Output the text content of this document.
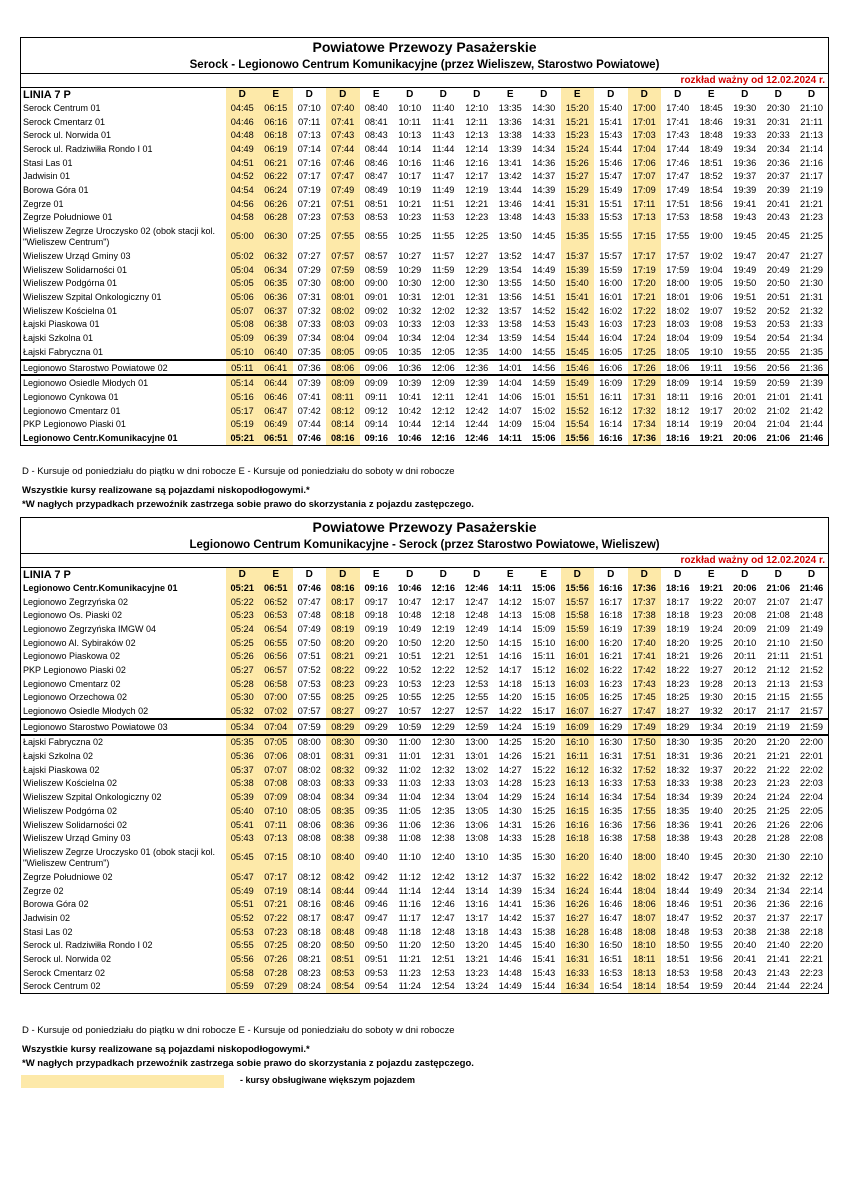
Powiatowe Przewozy Pasażerskie																		
Serock - Legionowo Centrum Komunikacyjne (przez Wieliszew, Starostwo Powiatowe)																		
rozkład ważny od 12.02.2024 r.																		
LINIA 7 P	D	E	D	D	E	D	D	D	E	D	E	D	D	D	E	D	D	D
Serock Centrum 01	04:45	06:15	07:10	07:40	08:40	10:10	11:40	12:10	13:35	14:30	15:20	15:40	17:00	17:40	18:45	19:30	20:30	21:10
Serock Cmentarz 01	04:46	06:16	07:11	07:41	08:41	10:11	11:41	12:11	13:36	14:31	15:21	15:41	17:01	17:41	18:46	19:31	20:31	21:11
Serock ul. Norwida 01	04:48	06:18	07:13	07:43	08:43	10:13	11:43	12:13	13:38	14:33	15:23	15:43	17:03	17:43	18:48	19:33	20:33	21:13
Serock ul. Radziwiłła Rondo I 01	04:49	06:19	07:14	07:44	08:44	10:14	11:44	12:14	13:39	14:34	15:24	15:44	17:04	17:44	18:49	19:34	20:34	21:14
Stasi Las 01	04:51	06:21	07:16	07:46	08:46	10:16	11:46	12:16	13:41	14:36	15:26	15:46	17:06	17:46	18:51	19:36	20:36	21:16
Jadwisin 01	04:52	06:22	07:17	07:47	08:47	10:17	11:47	12:17	13:42	14:37	15:27	15:47	17:07	17:47	18:52	19:37	20:37	21:17
Borowa Góra 01	04:54	06:24	07:19	07:49	08:49	10:19	11:49	12:19	13:44	14:39	15:29	15:49	17:09	17:49	18:54	19:39	20:39	21:19
Zegrze 01	04:56	06:26	07:21	07:51	08:51	10:21	11:51	12:21	13:46	14:41	15:31	15:51	17:11	17:51	18:56	19:41	20:41	21:21
Zegrze Południowe 01	04:58	06:28	07:23	07:53	08:53	10:23	11:53	12:23	13:48	14:43	15:33	15:53	17:13	17:53	18:58	19:43	20:43	21:23
Wieliszew Zegrze Uroczysko 02 (obok stacji kol. "Wieliszew Centrum")	05:00	06:30	07:25	07:55	08:55	10:25	11:55	12:25	13:50	14:45	15:35	15:55	17:15	17:55	19:00	19:45	20:45	21:25
Wieliszew Urząd Gminy 03	05:02	06:32	07:27	07:57	08:57	10:27	11:57	12:27	13:52	14:47	15:37	15:57	17:17	17:57	19:02	19:47	20:47	21:27
Wieliszew Solidarności 01	05:04	06:34	07:29	07:59	08:59	10:29	11:59	12:29	13:54	14:49	15:39	15:59	17:19	17:59	19:04	19:49	20:49	21:29
Wieliszew Podgórna 01	05:05	06:35	07:30	08:00	09:00	10:30	12:00	12:30	13:55	14:50	15:40	16:00	17:20	18:00	19:05	19:50	20:50	21:30
Wieliszew Szpital Onkologiczny 01	05:06	06:36	07:31	08:01	09:01	10:31	12:01	12:31	13:56	14:51	15:41	16:01	17:21	18:01	19:06	19:51	20:51	21:31
Wieliszew Kościelna 01	05:07	06:37	07:32	08:02	09:02	10:32	12:02	12:32	13:57	14:52	15:42	16:02	17:22	18:02	19:07	19:52	20:52	21:32
Łajski Piaskowa 01	05:08	06:38	07:33	08:03	09:03	10:33	12:03	12:33	13:58	14:53	15:43	16:03	17:23	18:03	19:08	19:53	20:53	21:33
Łajski Szkolna 01	05:09	06:39	07:34	08:04	09:04	10:34	12:04	12:34	13:59	14:54	15:44	16:04	17:24	18:04	19:09	19:54	20:54	21:34
Łajski Fabryczna 01	05:10	06:40	07:35	08:05	09:05	10:35	12:05	12:35	14:00	14:55	15:45	16:05	17:25	18:05	19:10	19:55	20:55	21:35
Legionowo Starostwo Powiatowe 02	05:11	06:41	07:36	08:06	09:06	10:36	12:06	12:36	14:01	14:56	15:46	16:06	17:26	18:06	19:11	19:56	20:56	21:36
Legionowo Osiedle Młodych 01	05:14	06:44	07:39	08:09	09:09	10:39	12:09	12:39	14:04	14:59	15:49	16:09	17:29	18:09	19:14	19:59	20:59	21:39
Legionowo Cynkowa 01	05:16	06:46	07:41	08:11	09:11	10:41	12:11	12:41	14:06	15:01	15:51	16:11	17:31	18:11	19:16	20:01	21:01	21:41
Legionowo Cmentarz 01	05:17	06:47	07:42	08:12	09:12	10:42	12:12	12:42	14:07	15:02	15:52	16:12	17:32	18:12	19:17	20:02	21:02	21:42
PKP Legionowo Piaski 01	05:19	06:49	07:44	08:14	09:14	10:44	12:14	12:44	14:09	15:04	15:54	16:14	17:34	18:14	19:19	20:04	21:04	21:44
Legionowo Centr.Komunikacyjne 01	05:21	06:51	07:46	08:16	09:16	10:46	12:16	12:46	14:11	15:06	15:56	16:16	17:36	18:16	19:21	20:06	21:06	21:46
D - Kursuje od poniedziału do piątku w dni robocze E - Kursuje od poniedziału do soboty w dni robocze
Wszystkie kursy realizowane są pojazdami niskopodłogowymi.*
*W nagłych przypadkach przewoźnik zastrzega sobie prawo do skorzystania z pojazdu zastępczego.
Powiatowe Przewozy Pasażerskie																		
Legionowo Centrum Komunikacyjne - Serock (przez Starostwo Powiatowe, Wieliszew)																		
rozkład ważny od 12.02.2024 r.																		
LINIA 7 P	D	E	D	D	E	D	D	D	E	E	D	D	D	D	E	D	D	D
Legionowo Centr.Komunikacyjne 01	05:21	06:51	07:46	08:16	09:16	10:46	12:16	12:46	14:11	15:06	15:56	16:16	17:36	18:16	19:21	20:06	21:06	21:46
Legionowo Zegrzyńska 02	05:22	06:52	07:47	08:17	09:17	10:47	12:17	12:47	14:12	15:07	15:57	16:17	17:37	18:17	19:22	20:07	21:07	21:47
Legionowo Os. Piaski 02	05:23	06:53	07:48	08:18	09:18	10:48	12:18	12:48	14:13	15:08	15:58	16:18	17:38	18:18	19:23	20:08	21:08	21:48
Legionowo Zegrzyńska IMGW 04	05:24	06:54	07:49	08:19	09:19	10:49	12:19	12:49	14:14	15:09	15:59	16:19	17:39	18:19	19:24	20:09	21:09	21:49
Legionowo Al. Sybiraków 02	05:25	06:55	07:50	08:20	09:20	10:50	12:20	12:50	14:15	15:10	16:00	16:20	17:40	18:20	19:25	20:10	21:10	21:50
Legionowo Piaskowa 02	05:26	06:56	07:51	08:21	09:21	10:51	12:21	12:51	14:16	15:11	16:01	16:21	17:41	18:21	19:26	20:11	21:11	21:51
PKP Legionowo Piaski 02	05:27	06:57	07:52	08:22	09:22	10:52	12:22	12:52	14:17	15:12	16:02	16:22	17:42	18:22	19:27	20:12	21:12	21:52
Legionowo Cmentarz 02	05:28	06:58	07:53	08:23	09:23	10:53	12:23	12:53	14:18	15:13	16:03	16:23	17:43	18:23	19:28	20:13	21:13	21:53
Legionowo Orzechowa 02	05:30	07:00	07:55	08:25	09:25	10:55	12:25	12:55	14:20	15:15	16:05	16:25	17:45	18:25	19:30	20:15	21:15	21:55
Legionowo Osiedle Młodych 02	05:32	07:02	07:57	08:27	09:27	10:57	12:27	12:57	14:22	15:17	16:07	16:27	17:47	18:27	19:32	20:17	21:17	21:57
Legionowo Starostwo Powiatowe 03	05:34	07:04	07:59	08:29	09:29	10:59	12:29	12:59	14:24	15:19	16:09	16:29	17:49	18:29	19:34	20:19	21:19	21:59
Łajski Fabryczna 02	05:35	07:05	08:00	08:30	09:30	11:00	12:30	13:00	14:25	15:20	16:10	16:30	17:50	18:30	19:35	20:20	21:20	22:00
Łajski Szkolna 02	05:36	07:06	08:01	08:31	09:31	11:01	12:31	13:01	14:26	15:21	16:11	16:31	17:51	18:31	19:36	20:21	21:21	22:01
Łajski Piaskowa 02	05:37	07:07	08:02	08:32	09:32	11:02	12:32	13:02	14:27	15:22	16:12	16:32	17:52	18:32	19:37	20:22	21:22	22:02
Wieliszew Kościelna 02	05:38	07:08	08:03	08:33	09:33	11:03	12:33	13:03	14:28	15:23	16:13	16:33	17:53	18:33	19:38	20:23	21:23	22:03
Wieliszew Szpital Onkologiczny 02	05:39	07:09	08:04	08:34	09:34	11:04	12:34	13:04	14:29	15:24	16:14	16:34	17:54	18:34	19:39	20:24	21:24	22:04
Wieliszew Podgórna 02	05:40	07:10	08:05	08:35	09:35	11:05	12:35	13:05	14:30	15:25	16:15	16:35	17:55	18:35	19:40	20:25	21:25	22:05
Wieliszew Solidarności 02	05:41	07:11	08:06	08:36	09:36	11:06	12:36	13:06	14:31	15:26	16:16	16:36	17:56	18:36	19:41	20:26	21:26	22:06
Wieliszew Urząd Gminy 03	05:43	07:13	08:08	08:38	09:38	11:08	12:38	13:08	14:33	15:28	16:18	16:38	17:58	18:38	19:43	20:28	21:28	22:08
Wieliszew Zegrze Uroczysko 01 (obok stacji kol. "Wieliszew Centrum")	05:45	07:15	08:10	08:40	09:40	11:10	12:40	13:10	14:35	15:30	16:20	16:40	18:00	18:40	19:45	20:30	21:30	22:10
Zegrze Południowe 02	05:47	07:17	08:12	08:42	09:42	11:12	12:42	13:12	14:37	15:32	16:22	16:42	18:02	18:42	19:47	20:32	21:32	22:12
Zegrze 02	05:49	07:19	08:14	08:44	09:44	11:14	12:44	13:14	14:39	15:34	16:24	16:44	18:04	18:44	19:49	20:34	21:34	22:14
Borowa Góra 02	05:51	07:21	08:16	08:46	09:46	11:16	12:46	13:16	14:41	15:36	16:26	16:46	18:06	18:46	19:51	20:36	21:36	22:16
Jadwisin 02	05:52	07:22	08:17	08:47	09:47	11:17	12:47	13:17	14:42	15:37	16:27	16:47	18:07	18:47	19:52	20:37	21:37	22:17
Stasi Las 02	05:53	07:23	08:18	08:48	09:48	11:18	12:48	13:18	14:43	15:38	16:28	16:48	18:08	18:48	19:53	20:38	21:38	22:18
Serock ul. Radziwiłła Rondo I 02	05:55	07:25	08:20	08:50	09:50	11:20	12:50	13:20	14:45	15:40	16:30	16:50	18:10	18:50	19:55	20:40	21:40	22:20
Serock ul. Norwida 02	05:56	07:26	08:21	08:51	09:51	11:21	12:51	13:21	14:46	15:41	16:31	16:51	18:11	18:51	19:56	20:41	21:41	22:21
Serock Cmentarz 02	05:58	07:28	08:23	08:53	09:53	11:23	12:53	13:23	14:48	15:43	16:33	16:53	18:13	18:53	19:58	20:43	21:43	22:23
Serock Centrum 02	05:59	07:29	08:24	08:54	09:54	11:24	12:54	13:24	14:49	15:44	16:34	16:54	18:14	18:54	19:59	20:44	21:44	22:24
D - Kursuje od poniedziału do piątku w dni robocze E - Kursuje od poniedziału do soboty w dni robocze
Wszystkie kursy realizowane są pojazdami niskopodłogowymi.*
*W nagłych przypadkach przewoźnik zastrzega sobie prawo do skorzystania z pojazdu zastępczego.
- kursy obsługiwane większym pojazdem
